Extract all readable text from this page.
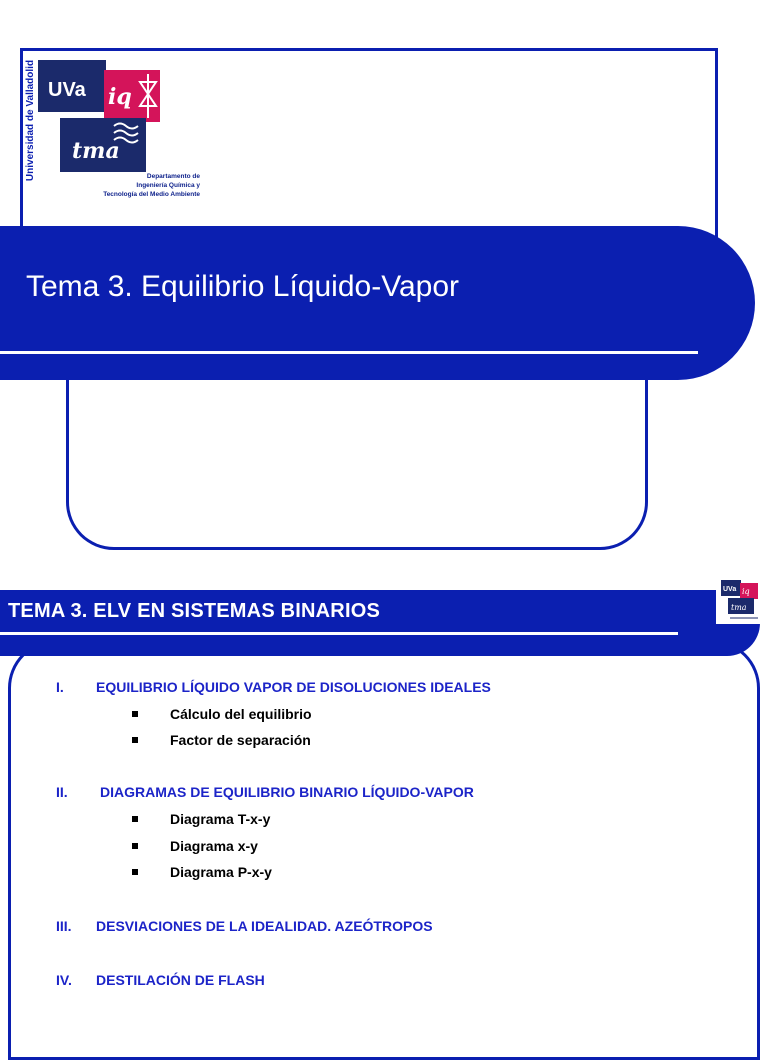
Universidad de Valladolid UVa iq
tma
Departamento de
Ingeniería Química y
Tecnología del Medio Ambiente
Tema 3. Equilibrio Líquido-Vapor
TEMA 3. ELV EN SISTEMAS BINARIOS
UVa iq
tma
I. EQUILIBRIO LÍQUIDO VAPOR DE DISOLUCIONES IDEALES
Cálculo del equilibrio
Factor de separación
II. DIAGRAMAS DE EQUILIBRIO BINARIO LÍQUIDO-VAPOR
Diagrama T-x-y
Diagrama x-y
Diagrama P-x-y
III. DESVIACIONES DE LA IDEALIDAD. AZEÓTROPOS
IV. DESTILACIÓN DE FLASH
